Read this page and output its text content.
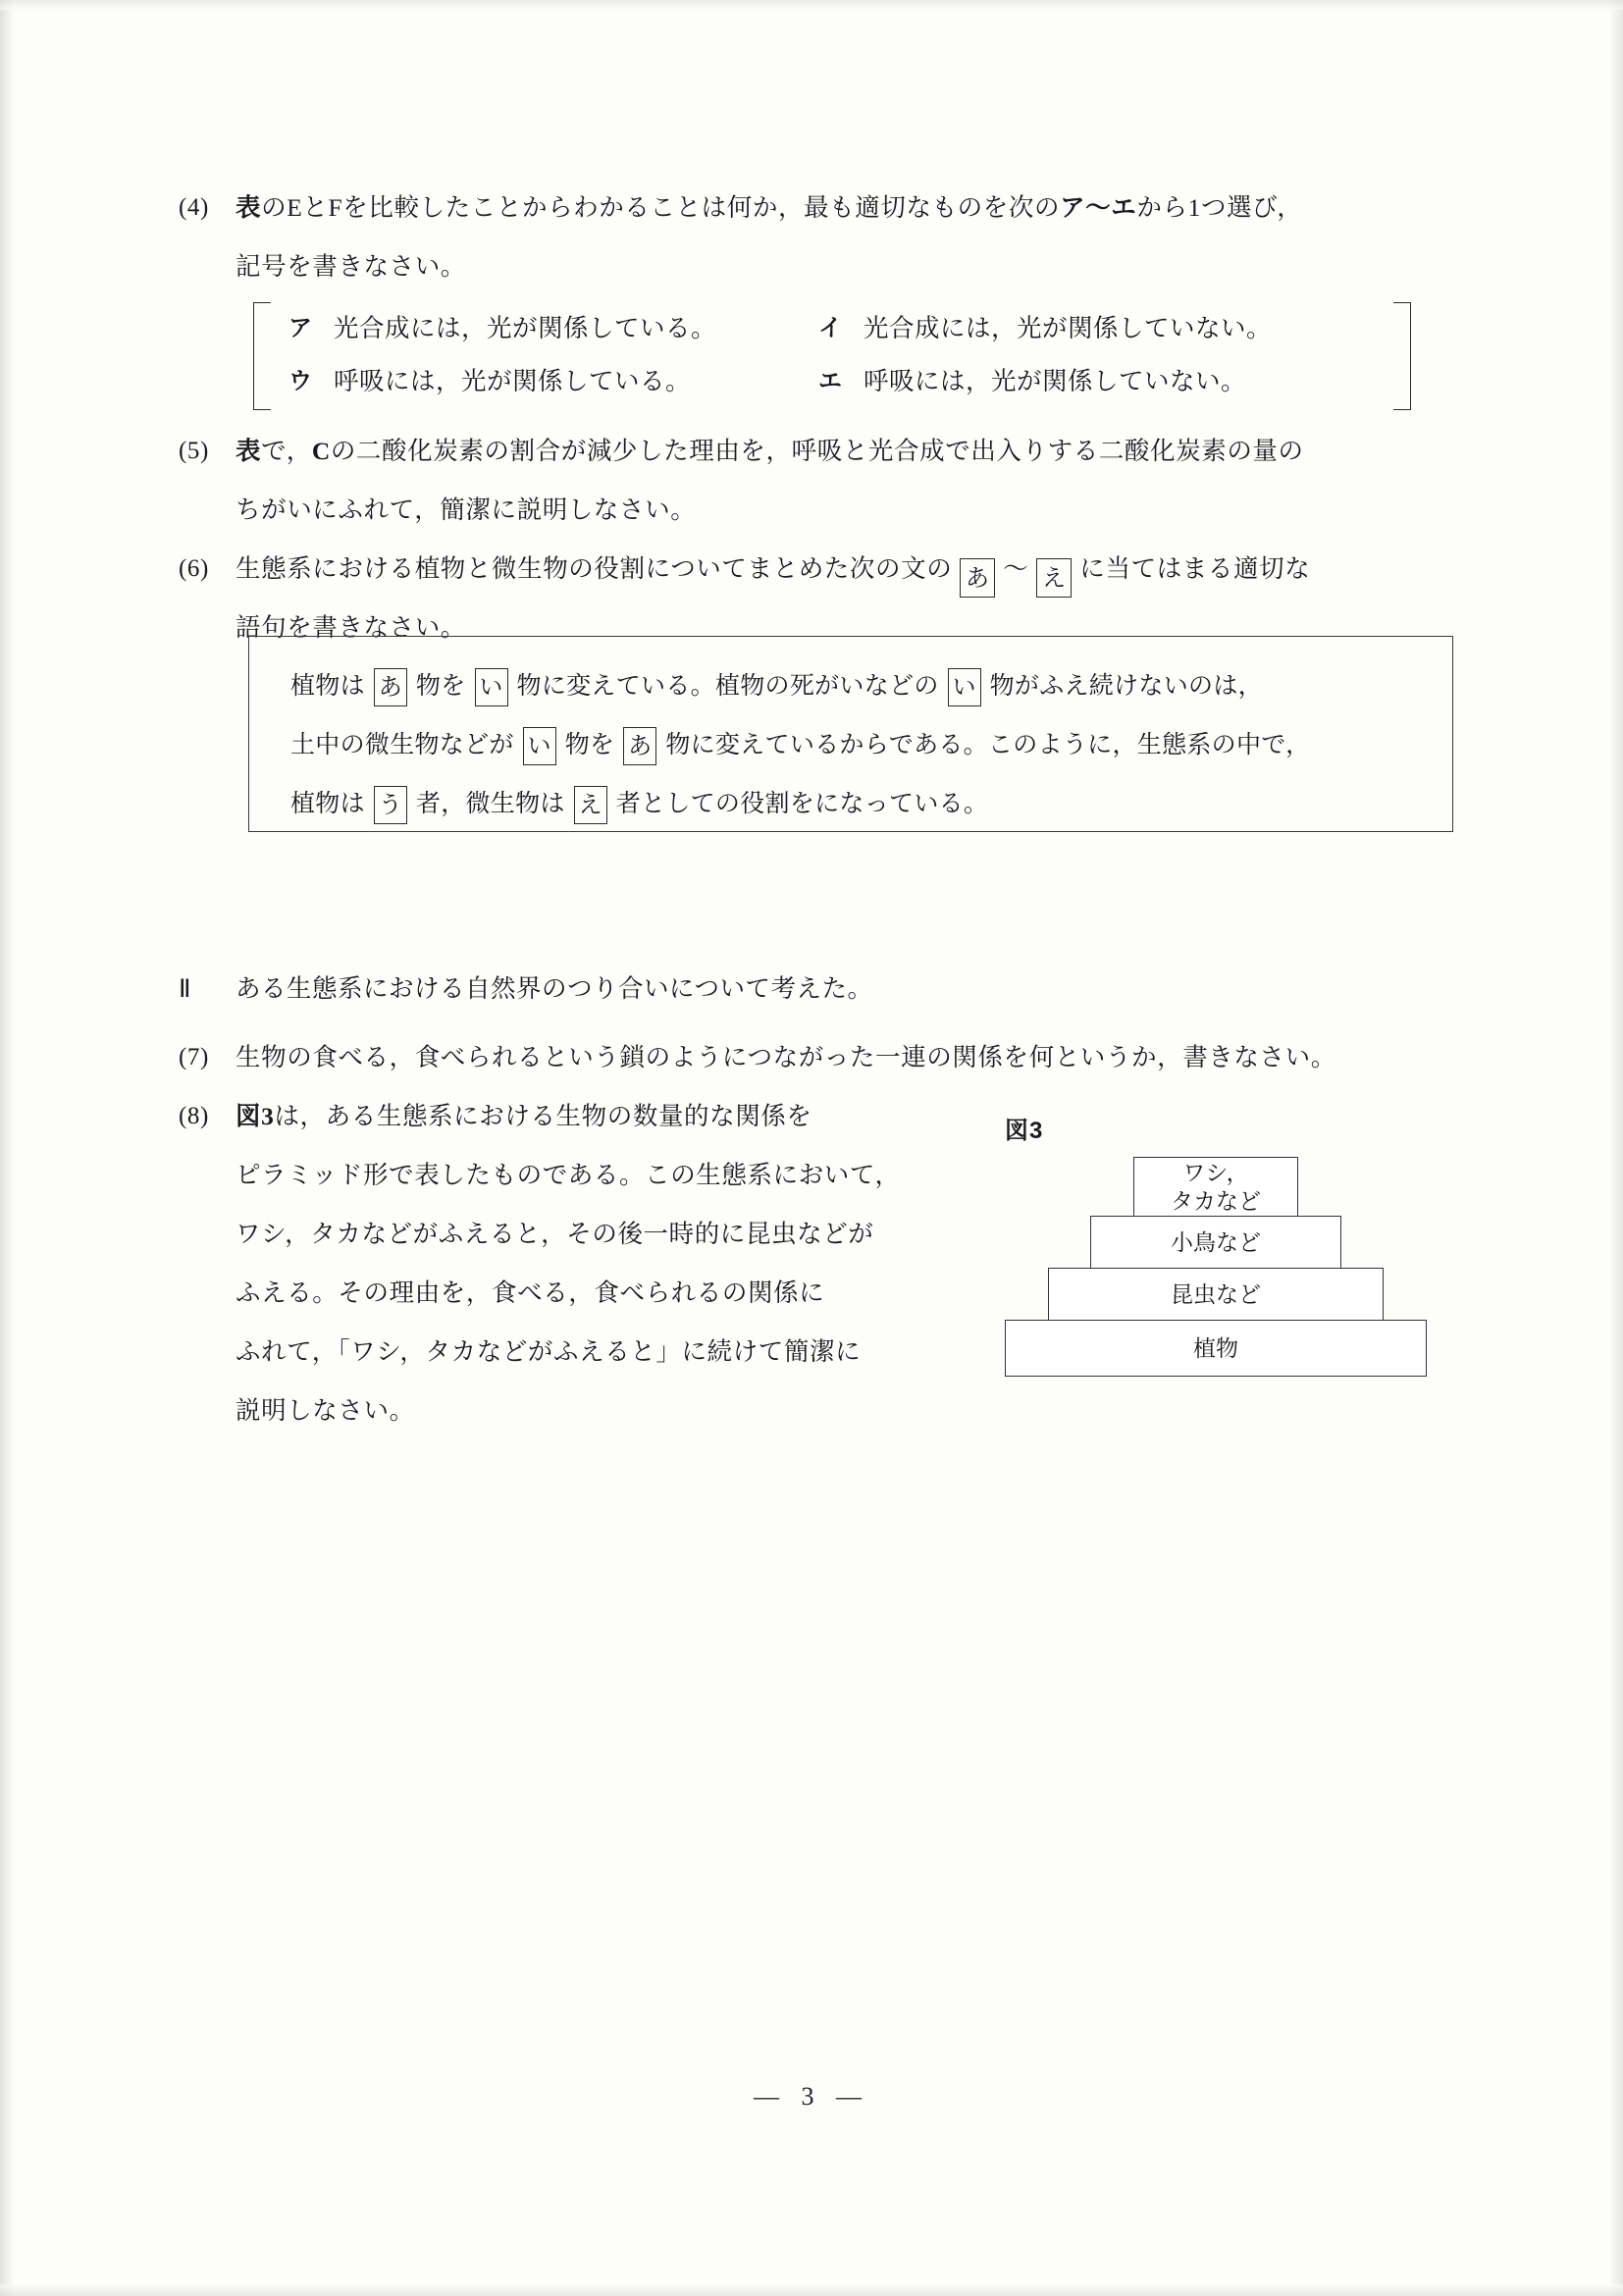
(4) 表のEとFを比較したことからわかることは何か，最も適切なものを次のア～エから1つ選び，
記号を書きなさい。
ア 光合成には，光が関係している。	イ 光合成には，光が関係していない。
ウ 呼吸には，光が関係している。	エ 呼吸には，光が関係していない。
(5) 表で，Cの二酸化炭素の割合が減少した理由を，呼吸と光合成で出入りする二酸化炭素の量の
ちがいにふれて，簡潔に説明しなさい。
(6) 生態系における植物と微生物の役割についてまとめた次の文の あ ～ え に当てはまる適切な
語句を書きなさい。
植物は あ 物を い 物に変えている。植物の死がいなどの い 物がふえ続けないのは，
土中の微生物などが い 物を あ 物に変えているからである。このように，生態系の中で，
植物は う 者，微生物は え 者としての役割をになっている。
Ⅱ ある生態系における自然界のつり合いについて考えた。
(7) 生物の食べる，食べられるという鎖のようにつながった一連の関係を何というか，書きなさい。
(8) 図3は，ある生態系における生物の数量的な関係を
ピラミッド形で表したものである。この生態系において，
ワシ，タカなどがふえると，その後一時的に昆虫などが
ふえる。その理由を，食べる，食べられるの関係に
ふれて，「ワシ，タカなどがふえると」に続けて簡潔に
説明しなさい。
図3
ワシ，
タカなど
小鳥など
昆虫など
植物
— 3 —
